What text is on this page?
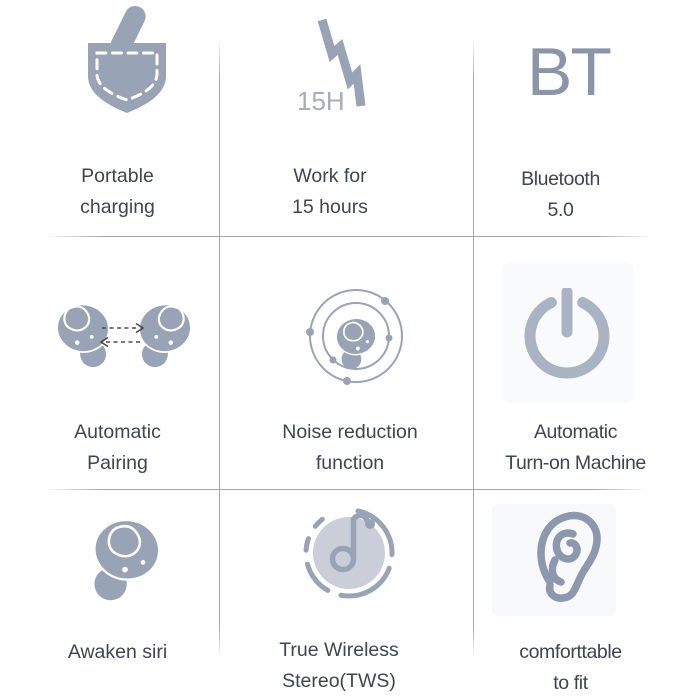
Portable
charging
15H
Work for
15 hours
BT
Bluetooth
5.0
Automatic
Pairing
Noise reduction
function
Automatic
Turn-on Machine
Awaken siri	True Wireless
Stereo(TWS)
comforttable
to fit
